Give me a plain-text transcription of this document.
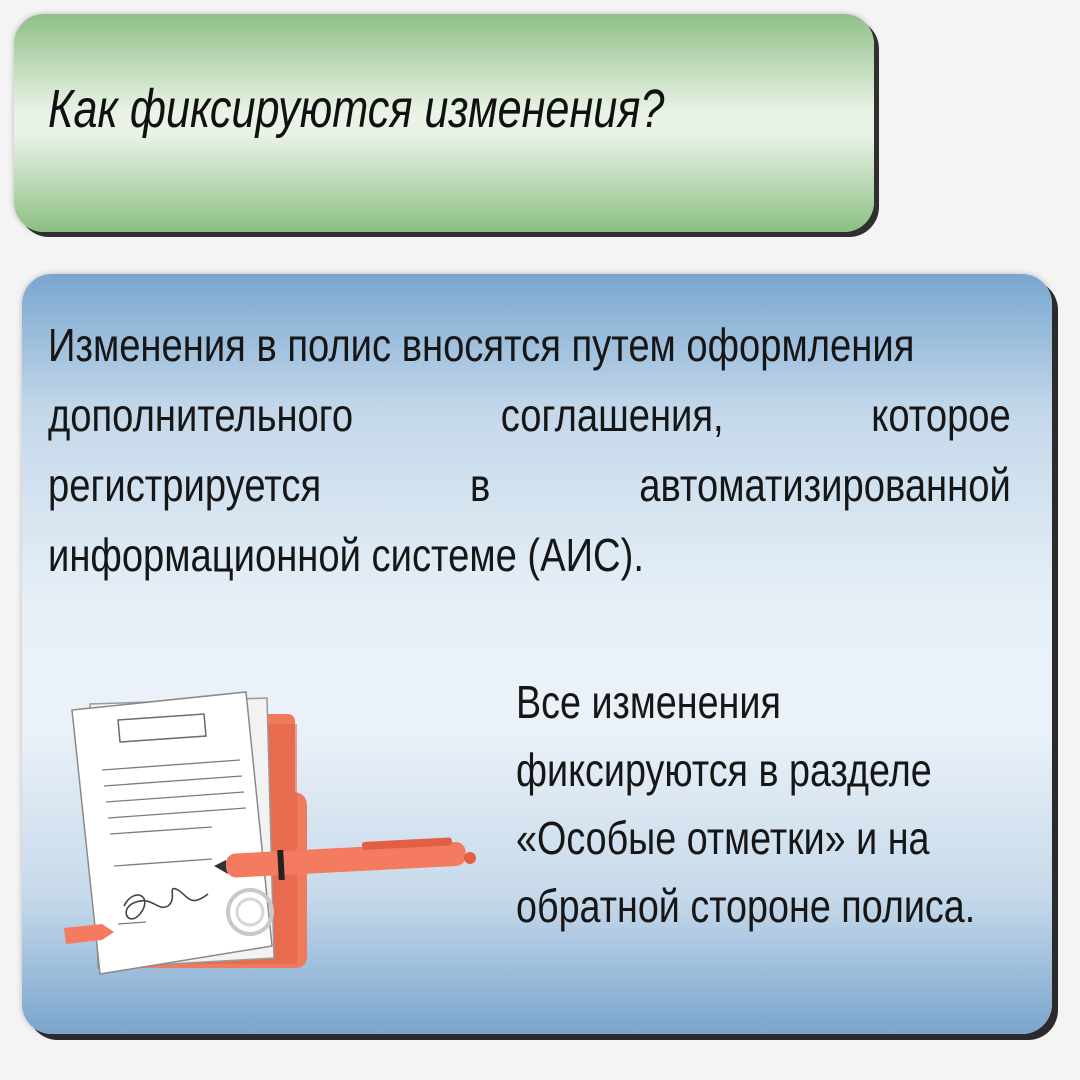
Как фиксируются изменения?
Изменения в полис вносятся путем оформления
дополнительного	соглашения,	которое
регистрируется	в	автоматизированной
информационной системе (АИС).
Все изменения
фиксируются в разделе
«Особые отметки» и на
обратной стороне полиса.
